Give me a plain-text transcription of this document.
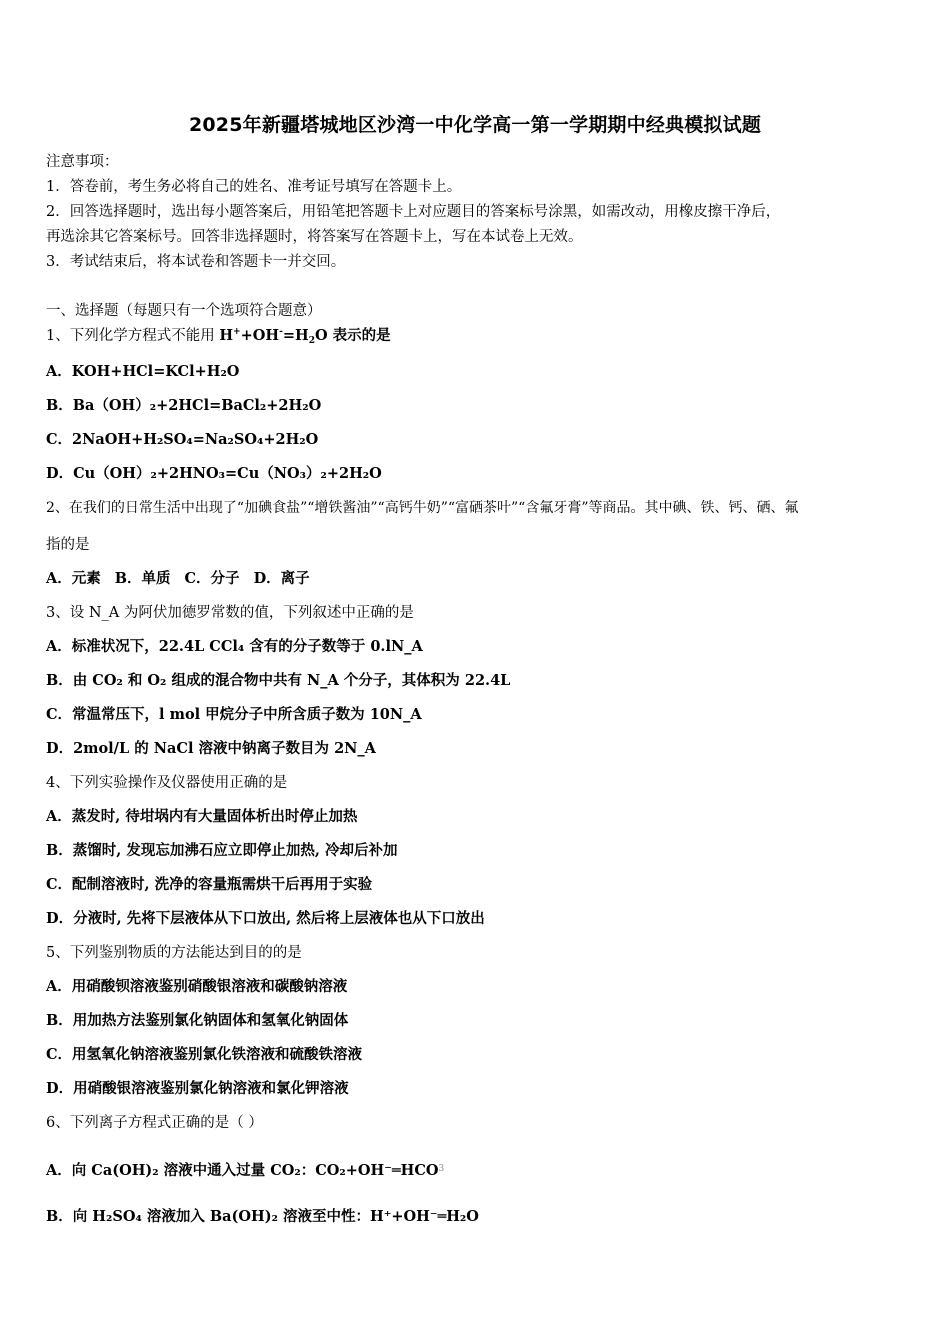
2025年新疆塔城地区沙湾一中化学高一第一学期期中经典模拟试题
注意事项：
1．答卷前，考生务必将自己的姓名、准考证号填写在答题卡上。
2．回答选择题时，选出每小题答案后，用铅笔把答题卡上对应题目的答案标号涂黑，如需改动，用橡皮擦干净后，
再选涂其它答案标号。回答非选择题时，将答案写在答题卡上，写在本试卷上无效。
3．考试结束后，将本试卷和答题卡一并交回。
一、选择题（每题只有一个选项符合题意）
1、下列化学方程式不能用 $H^++OH^-=H_2O$ 表示的是
A．KOH+HCl=KCl+H₂O
B．Ba（OH）₂+2HCl=BaCl₂+2H₂O
C．2NaOH+H₂SO₄=Na₂SO₄+2H₂O
D．Cu（OH）₂+2HNO₃=Cu（NO₃）₂+2H₂O
2、在我们的日常生活中出现了“加碘食盐”“增铁酱油”“高钙牛奶”“富硒茶叶”“含氟牙膏”等商品。其中碘、铁、钙、硒、氟
指的是
A．元素 B．单质 C．分子 D．离子
3、设 N_A 为阿伏加德罗常数的值，下列叙述中正确的是
A．标准状况下，22.4L CCl₄ 含有的分子数等于 0.lN_A
B．由 CO₂ 和 O₂ 组成的混合物中共有 N_A 个分子，其体积为 22.4L
C．常温常压下，l mol 甲烷分子中所含质子数为 10N_A
D．2mol/L 的 NaCl 溶液中钠离子数目为 2N_A
4、下列实验操作及仪器使用正确的是
A．蒸发时, 待坩埚内有大量固体析出时停止加热
B．蒸馏时, 发现忘加沸石应立即停止加热, 冷却后补加
C．配制溶液时, 洗净的容量瓶需烘干后再用于实验
D．分液时, 先将下层液体从下口放出, 然后将上层液体也从下口放出
5、下列鉴别物质的方法能达到目的的是
A．用硝酸钡溶液鉴别硝酸银溶液和碳酸钠溶液
B．用加热方法鉴别氯化钠固体和氢氧化钠固体
C．用氢氧化钠溶液鉴别氯化铁溶液和硫酸铁溶液
D．用硝酸银溶液鉴别氯化钠溶液和氯化钾溶液
6、下列离子方程式正确的是（ ）
A．向 Ca(OH)₂ 溶液中通入过量 CO₂：$CO_2+OH^-═HCO^3$
B．向 H₂SO₄ 溶液加入 Ba(OH)₂ 溶液至中性：H⁺+OH⁻═H₂O
